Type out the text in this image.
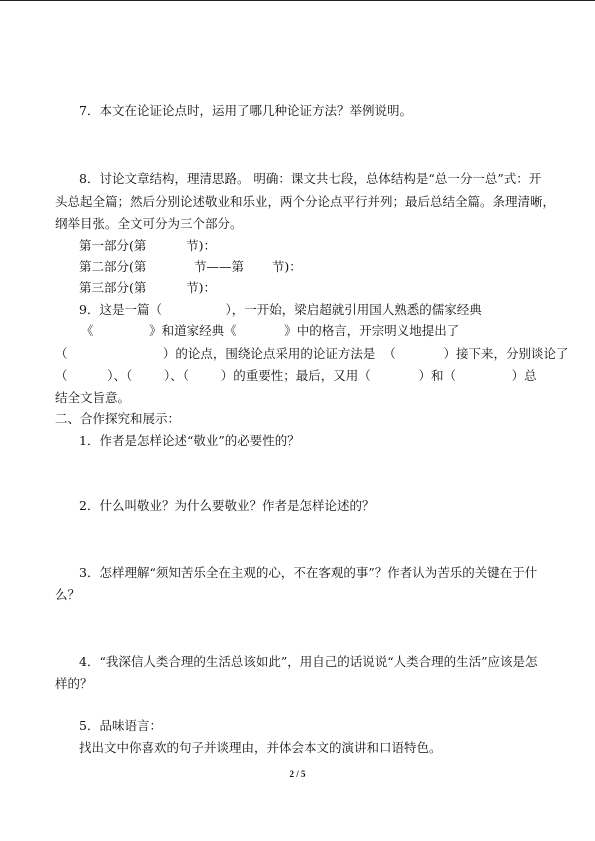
7．本文在论证论点时，运用了哪几种论证方法？举例说明。
8．讨论文章结构，理清思路。 明确：课文共七段，总体结构是“总一分一总”式：开
头总起全篇；然后分别论述敬业和乐业，两个分论点平行并列；最后总结全篇。条理清晰，
纲举目张。全文可分为三个部分。
第一部分(第          节)：
第二部分(第            节——第       节)：
第三部分(第          节)：
9．这是一篇（                ），一开始，梁启超就引用国人熟悉的儒家经典
《              》和道家经典《            》中的格言，开宗明义地提出了
（                        ）的论点，围绕论点采用的论证方法是  （            ）接下来，分别谈论了
（          ）、（        ）、（        ）的重要性；最后，又用（            ）和（              ）总
结全文旨意。
二、合作探究和展示：
1．作者是怎样论述“敬业”的必要性的？
2．什么叫敬业？为什么要敬业？作者是怎样论述的？
3．怎样理解“须知苦乐全在主观的心，不在客观的事”？作者认为苦乐的关键在于什
么？
4．“我深信人类合理的生活总该如此”，用自己的话说说“人类合理的生活”应该是怎
样的？
5．品味语言：
找出文中你喜欢的句子并谈理由，并体会本文的演讲和口语特色。
2 / 5
